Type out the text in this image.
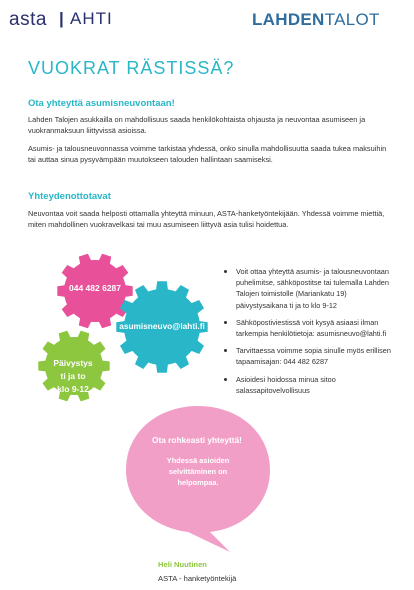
asta | AHTI	LAHDENTALOT
VUOKRAT RÄSTISSÄ?
Ota yhteyttä asumisneuvontaan!
Lahden Talojen asukkailla on mahdollisuus saada henkilökohtaista ohjausta ja neuvontaa asumiseen ja vuokranmaksuun liittyvissä asioissa.
Asumis- ja talousneuvonnassa voimme tarkistaa yhdessä, onko sinulla mahdollisuutta saada tukea maksuihin tai auttaa sinua pysyvämpään muutokseen talouden hallintaan saamiseksi.
Yhteydenottotavat
Neuvontaa voit saada helposti ottamalla yhteyttä minuun, ASTA-hanketyöntekijään. Yhdessä voimme miettiä, miten mahdollinen vuokravelkasi tai muu asumiseen liittyvä asia tulisi hoidettua.
044 482 6287
asumisneuvo@lahti.fi
Päivystys
ti ja to
klo 9-12
Voit ottaa yhteyttä asumis- ja talousneuvontaan puhelimitse, sähköpostitse tai tulemalla Lahden Talojen toimistolle (Mariankatu 19) päivystysaikana ti ja to klo 9-12
Sähköpostiviestissä voit kysyä asiaasi ilman tarkempia henkilötietoja: asumisneuvo@lahti.fi
Tarvittaessa voimme sopia sinulle myös erillisen tapaamisajan: 044 482 6287
Asioidesi hoidossa minua sitoo salassapitovelvollisuus
Ota rohkeasti yhteyttä!
Yhdessä asioiden selvittäminen on helpompaa.
Heli Nuutinen
ASTA - hanketyöntekijä
